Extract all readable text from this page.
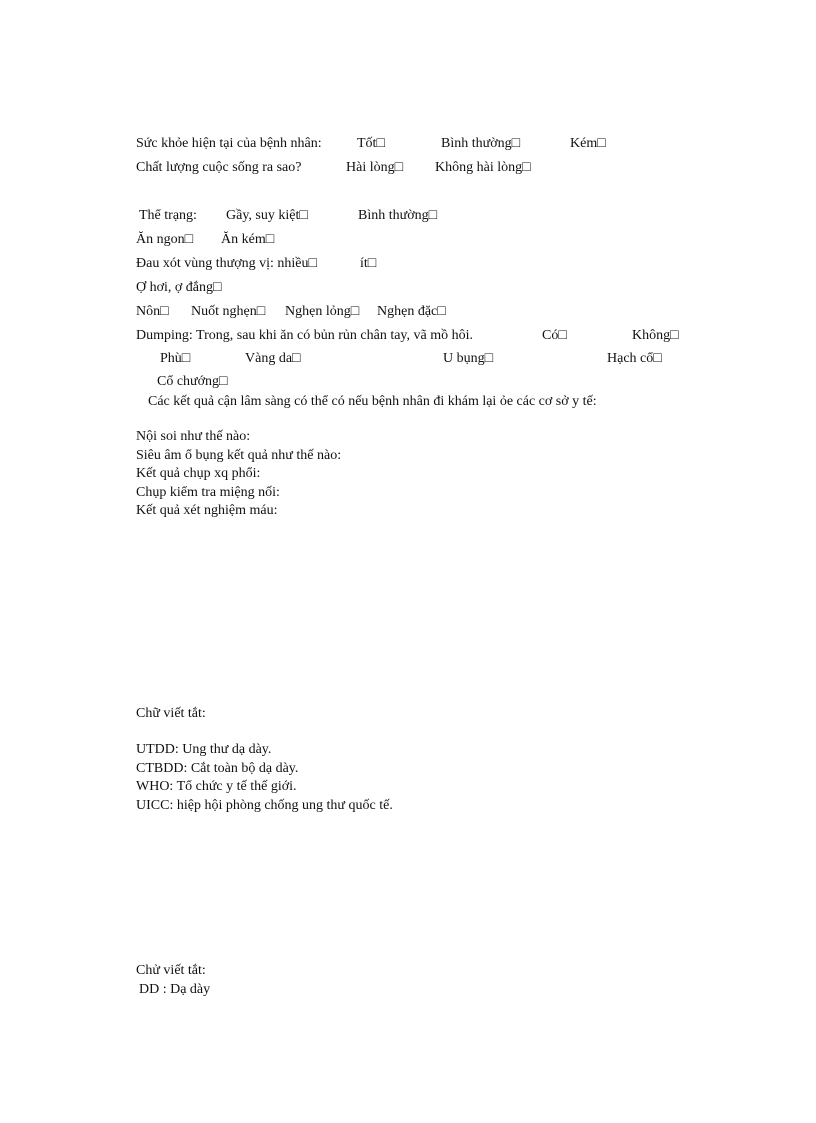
Sức khỏe hiện tại của bệnh nhân:	Tốt□	Bình thường□	Kém□
Chất lượng cuộc sống ra sao?	Hài lòng□ Không hài lòng□
Thể trạng: Gầy, suy kiệt□	Bình thường□
Ăn ngon□ Ăn kém□
Đau xót vùng thượng vị: nhiều□	ít□
Ợ hơi, ợ đắng□
Nôn□ Nuốt nghẹn□ Nghẹn lỏng□ Nghẹn đặc□
Dumping: Trong, sau khi ăn có bủn rủn chân tay, vã mồ hôi.	Có□	Không□
Phù□	Vàng da□	U bụng□	Hạch cổ□
Cổ chướng□
Các kết quả cận lâm sàng có thể có nếu bệnh nhân đi khám lại ỏe các cơ sở y tế:
Nội soi như thế nào:
Siêu âm ổ bụng kết quả như thế nào:
Kết quả chụp xq phổi:
Chụp kiểm tra miệng nối:
Kết quả xét nghiệm máu:
Chữ viết tắt:
UTDD: Ung thư dạ dày.
CTBDD: Cắt toàn bộ dạ dày.
WHO: Tổ chức y tế thế giới.
UICC: hiệp hội phòng chống ung thư quốc tế.
Chử viết tắt:
DD : Dạ dày
